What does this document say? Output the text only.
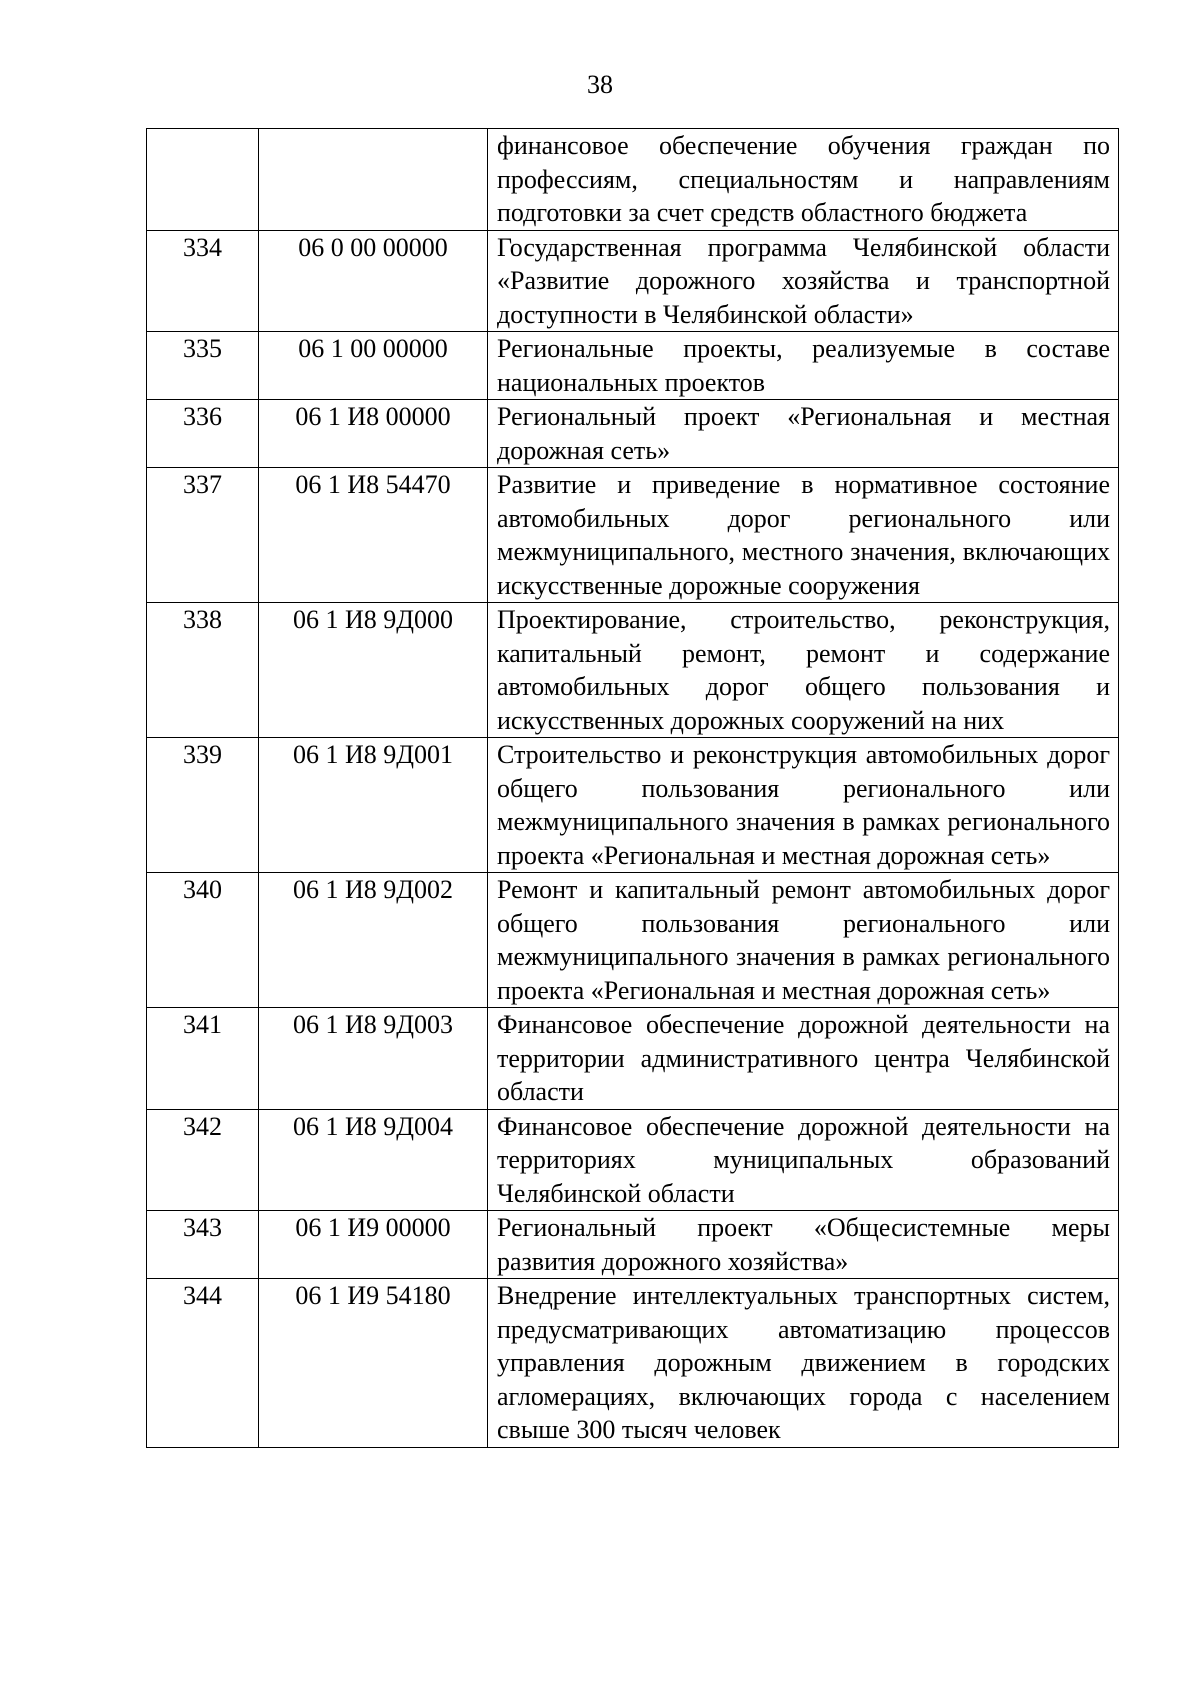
38
		финансовое обеспечение обучения граждан по профессиям, специальностям и направлениям подготовки за счет средств областного бюджета
334	06 0 00 00000	Государственная программа Челябинской области «Развитие дорожного хозяйства и транспортной доступности в Челябинской области»
335	06 1 00 00000	Региональные проекты, реализуемые в составе национальных проектов
336	06 1 И8 00000	Региональный проект «Региональная и местная дорожная сеть»
337	06 1 И8 54470	Развитие и приведение в нормативное состояние автомобильных дорог регионального или межмуниципального, местного значения, включающих искусственные дорожные сооружения
338	06 1 И8 9Д000	Проектирование, строительство, реконструкция, капитальный ремонт, ремонт и содержание автомобильных дорог общего пользования и искусственных дорожных сооружений на них
339	06 1 И8 9Д001	Строительство и реконструкция автомобильных дорог общего пользования регионального или межмуниципального значения в рамках регионального проекта «Региональная и местная дорожная сеть»
340	06 1 И8 9Д002	Ремонт и капитальный ремонт автомобильных дорог общего пользования регионального или межмуниципального значения в рамках регионального проекта «Региональная и местная дорожная сеть»
341	06 1 И8 9Д003	Финансовое обеспечение дорожной деятельности на территории административного центра Челябинской области
342	06 1 И8 9Д004	Финансовое обеспечение дорожной деятельности на территориях муниципальных образований Челябинской области
343	06 1 И9 00000	Региональный проект «Общесистемные меры развития дорожного хозяйства»
344	06 1 И9 54180	Внедрение интеллектуальных транспортных систем, предусматривающих автоматизацию процессов управления дорожным движением в городских агломерациях, включающих города с населением свыше 300 тысяч человек
